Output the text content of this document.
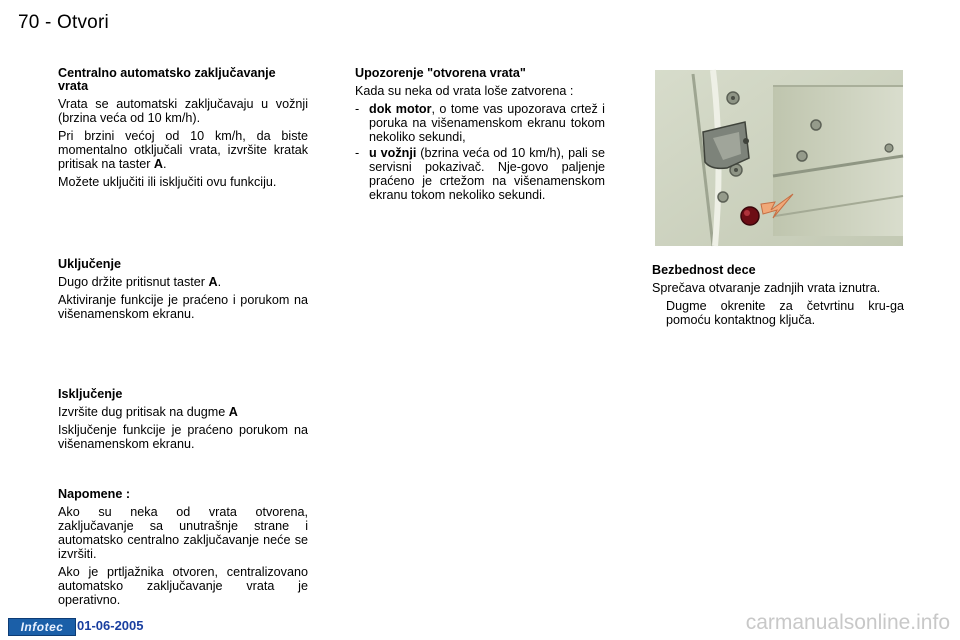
70 - Otvori
Centralno automatsko zaključavanje vrata

Vrata se automatski zaključavaju u vožnji (brzina veća od 10 km/h).

Pri brzini većoj od 10 km/h, da biste momentalno otključali vrata, izvršite kratak pritisak na taster A.

Možete uključiti ili isključiti ovu funkciju.

Uključenje

Dugo držite pritisnut taster A.

Aktiviranje funkcije je praćeno i porukom na višenamenskom ekranu.

Isključenje

Izvršite dug pritisak na dugme A

Isključenje funkcije je praćeno porukom na višenamenskom ekranu.

Napomene :

Ako su neka od vrata otvorena, zaključavanje sa unutrašnje strane i automatsko centralno zaključavanje neće se izvršiti.

Ako je prtljažnika otvoren, centralizovano automatsko zaključavanje vrata je operativno.

Upozorenje "otvorena vrata"

Kada su neka od vrata loše zatvorena :

- dok motor, o tome vas upozorava crtež i poruka na višenamenskom ekranu tokom nekoliko sekundi,
- u vožnji (bzrina veća od 10 km/h), pali se servisni pokazivač. Nje-govo paljenje praćeno je crtežom na višenamenskom ekranu tokom nekoliko sekundi.
Bezbednost dece

Sprečava otvaranje zadnjih vrata iznutra.

Dugme okrenite za četvrtinu kru-ga pomoću kontaktnog ključa.
Infotec	01-06-2005	carmanualsonline.info
